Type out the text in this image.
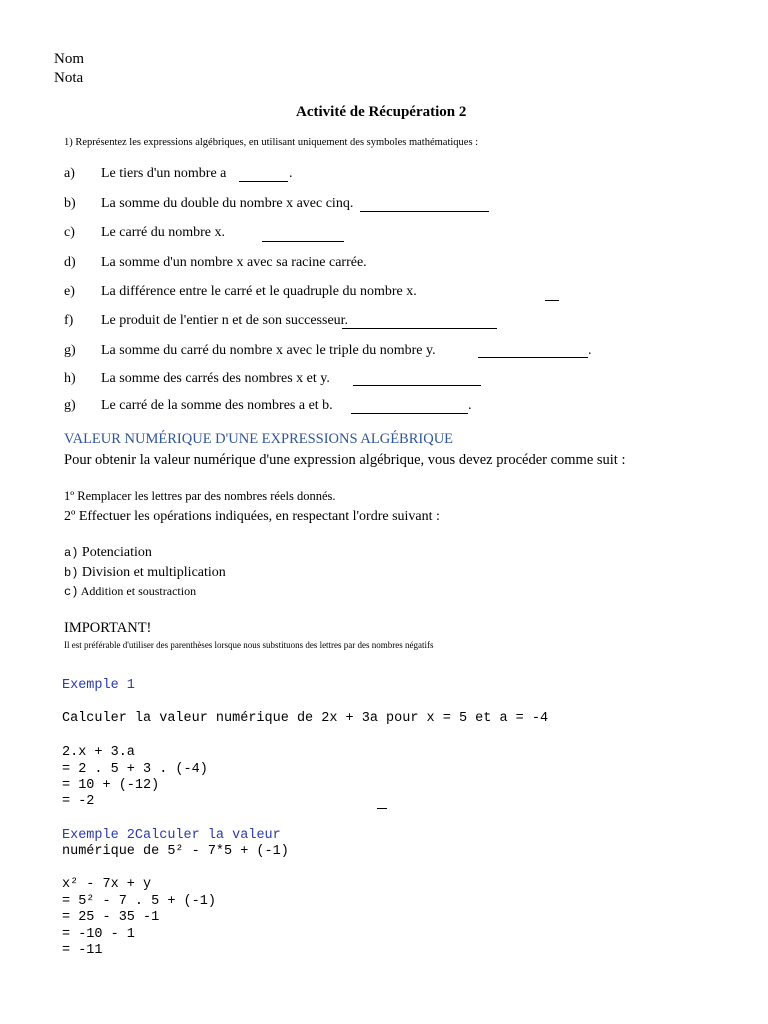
Nom
Nota
Activité de Récupération 2
1) Représentez les expressions algébriques, en utilisant uniquement des symboles mathématiques :
a) Le tiers d'un nombre a	.
b) La somme du double du nombre x avec cinq.
c) Le carré du nombre x.
d) La somme d'un nombre x avec sa racine carrée.
e) La différence entre le carré et le quadruple du nombre x.
f) Le produit de l'entier n et de son successeur.
g) La somme du carré du nombre x avec le triple du nombre y.	.
h) La somme des carrés des nombres x et y.
g) Le carré de la somme des nombres a et b.	.
VALEUR NUMÉRIQUE D'UNE EXPRESSIONS ALGÉBRIQUE
Pour obtenir la valeur numérique d'une expression algébrique, vous devez procéder comme suit :
1º Remplacer les lettres par des nombres réels donnés.
2º Effectuer les opérations indiquées, en respectant l'ordre suivant :
a) Potenciation
b) Division et multiplication
c) Addition et soustraction
IMPORTANT!
Il est préférable d'utiliser des parenthèses lorsque nous substituons des lettres par des nombres négatifs
Exemple 1
Calculer la valeur numérique de 2x + 3a pour x = 5 et a = -4
2.x + 3.a
= 2 . 5 + 3 . (-4)
= 10 + (-12)
= -2
Exemple 2Calculer la valeur
numérique de 5² - 7*5 + (-1)
x² - 7x + y
= 5² - 7 . 5 + (-1)
= 25 - 35 -1
= -10 - 1
= -11
